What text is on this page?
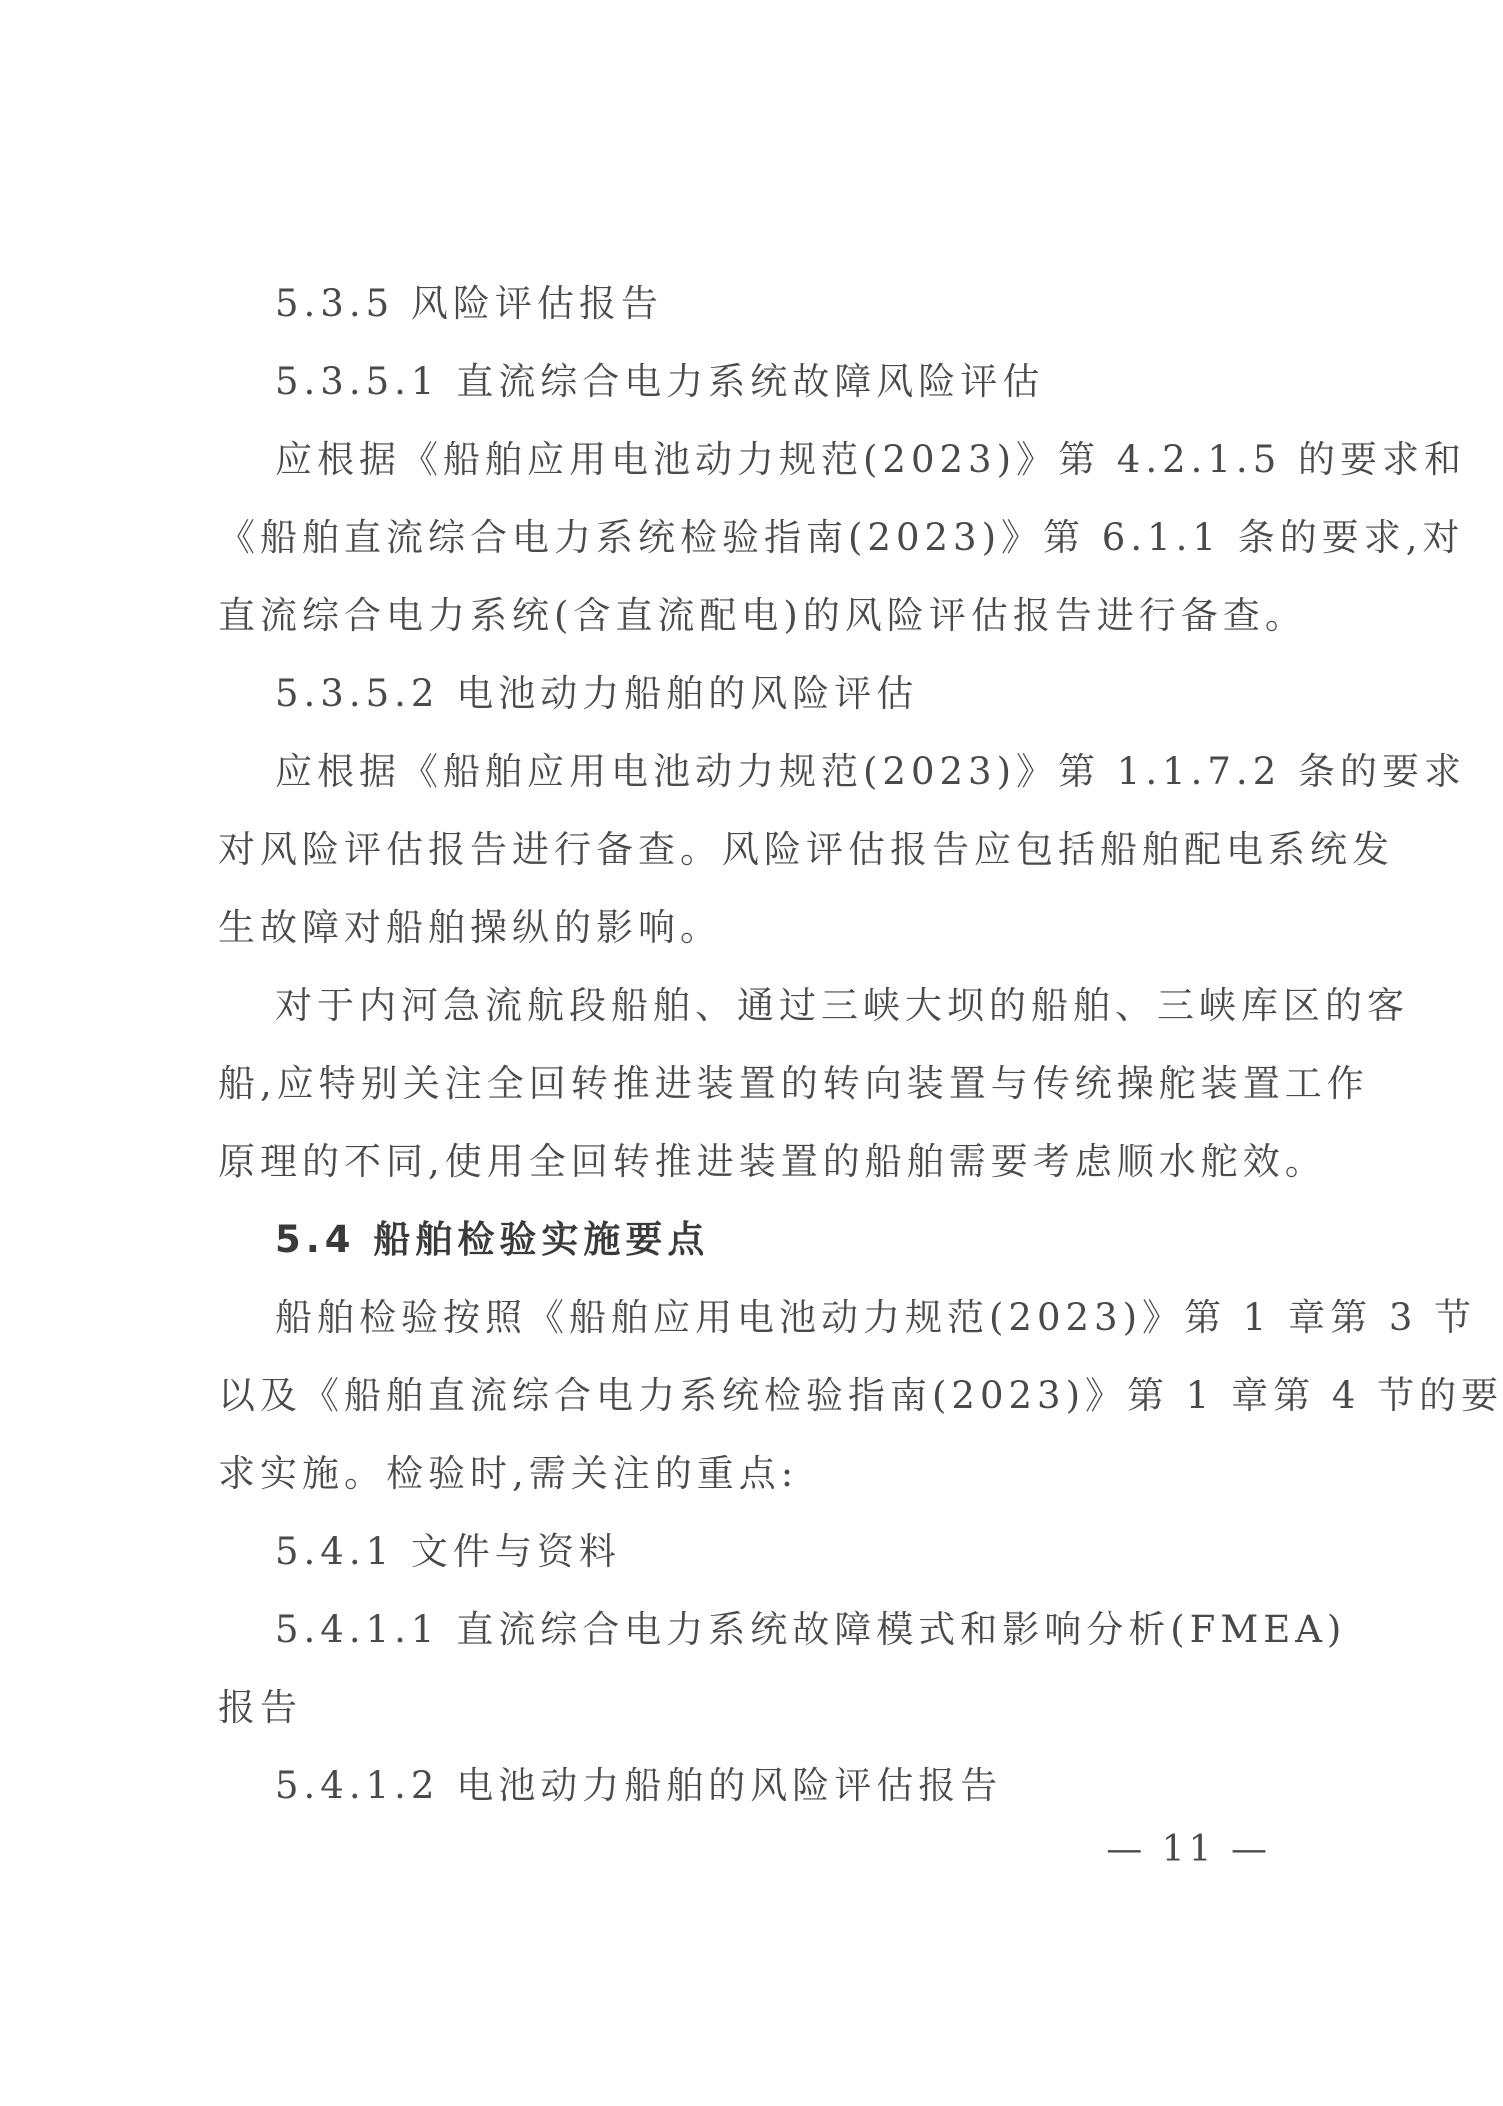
5.3.5 风险评估报告
5.3.5.1 直流综合电力系统故障风险评估
应根据《船舶应用电池动力规范(2023)》第 4.2.1.5 的要求和
《船舶直流综合电力系统检验指南(2023)》第 6.1.1 条的要求,对
直流综合电力系统(含直流配电)的风险评估报告进行备查。
5.3.5.2 电池动力船舶的风险评估
应根据《船舶应用电池动力规范(2023)》第 1.1.7.2 条的要求
对风险评估报告进行备查。风险评估报告应包括船舶配电系统发
生故障对船舶操纵的影响。
对于内河急流航段船舶、通过三峡大坝的船舶、三峡库区的客
船,应特别关注全回转推进装置的转向装置与传统操舵装置工作
原理的不同,使用全回转推进装置的船舶需要考虑顺水舵效。
5.4 船舶检验实施要点
船舶检验按照《船舶应用电池动力规范(2023)》第 1 章第 3 节
以及《船舶直流综合电力系统检验指南(2023)》第 1 章第 4 节的要
求实施。检验时,需关注的重点:
5.4.1 文件与资料
5.4.1.1 直流综合电力系统故障模式和影响分析(FMEA)
报告
5.4.1.2 电池动力船舶的风险评估报告
— 11 —
